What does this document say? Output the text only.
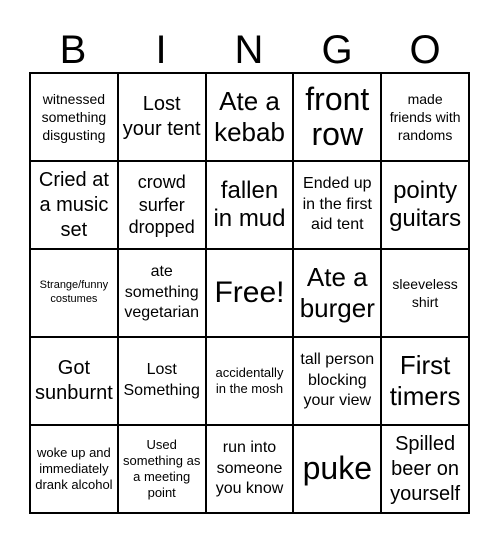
B	I	N	G	O
witnessed something disgusting
Lost your tent
Ate a kebab
front row
made friends with randoms
Cried at a music set
crowd surfer dropped
fallen in mud
Ended up in the first aid tent
pointy guitars
Strange/funny costumes
ate something vegetarian
Free! Ate a burger
sleeveless shirt
Got sunburnt
Lost Something
accidentally in the mosh
tall person blocking your view
First timers
woke up and immediately drank alcohol
Used something as a meeting point
run into someone you know
puke
Spilled beer on yourself
